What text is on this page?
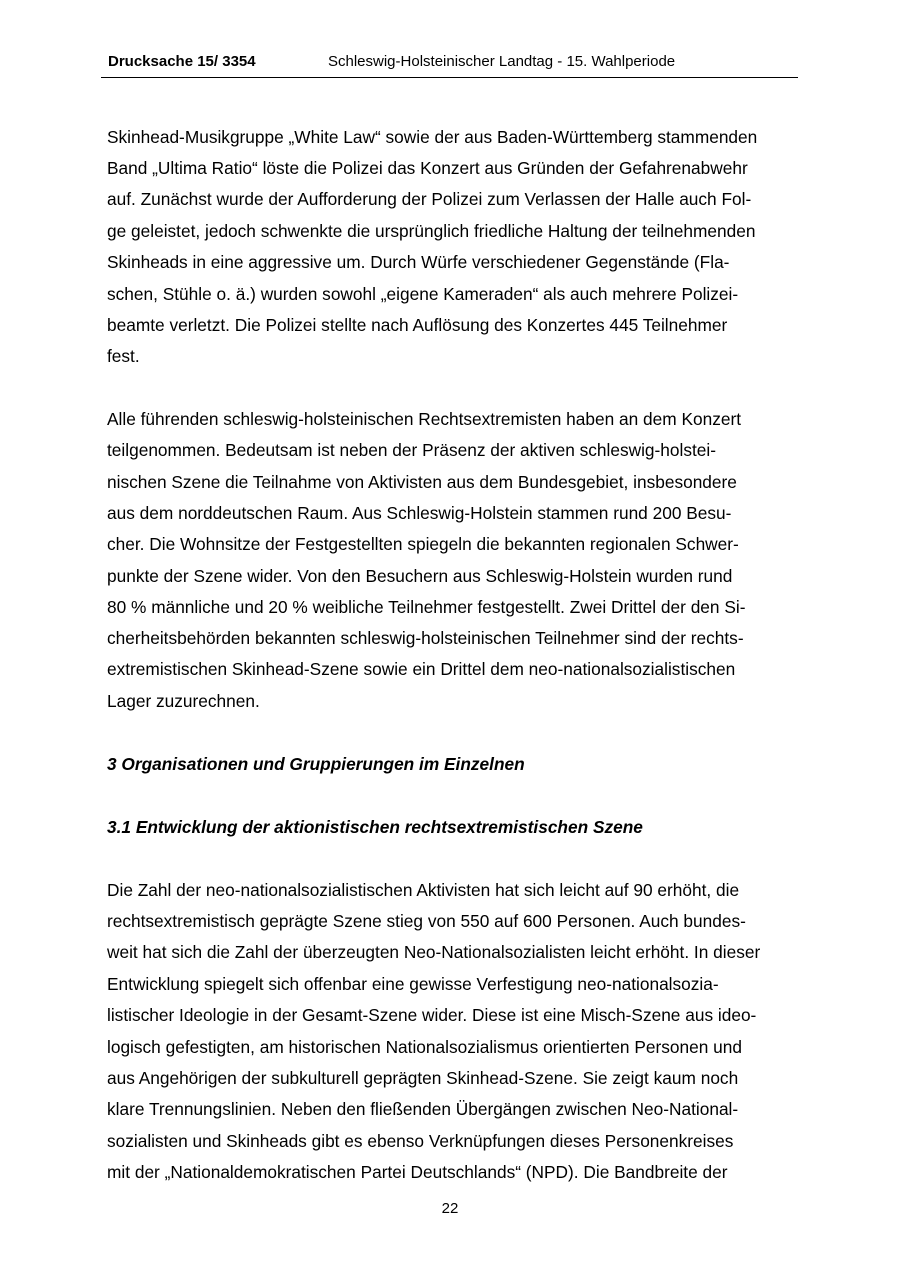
Drucksache 15/ 3354	Schleswig-Holsteinischer Landtag - 15. Wahlperiode
Skinhead-Musikgruppe „White Law“ sowie der aus Baden-Württemberg stammenden
Band „Ultima Ratio“ löste die Polizei das Konzert aus Gründen der Gefahrenabwehr
auf. Zunächst wurde der Aufforderung der Polizei zum Verlassen der Halle auch Fol-
ge geleistet, jedoch schwenkte die ursprünglich friedliche Haltung der teilnehmenden
Skinheads in eine aggressive um. Durch Würfe verschiedener Gegenstände (Fla-
schen, Stühle o. ä.) wurden sowohl „eigene Kameraden“ als auch mehrere Polizei-
beamte verletzt. Die Polizei stellte nach Auflösung des Konzertes 445 Teilnehmer
fest.
Alle führenden schleswig-holsteinischen Rechtsextremisten haben an dem Konzert
teilgenommen. Bedeutsam ist neben der Präsenz der aktiven schleswig-holstei-
nischen Szene die Teilnahme von Aktivisten aus dem Bundesgebiet, insbesondere
aus dem norddeutschen Raum. Aus Schleswig-Holstein stammen rund 200 Besu-
cher. Die Wohnsitze der Festgestellten spiegeln die bekannten regionalen Schwer-
punkte der Szene wider. Von den Besuchern aus Schleswig-Holstein wurden rund
80 % männliche und 20 % weibliche Teilnehmer festgestellt. Zwei Drittel der den Si-
cherheitsbehörden bekannten schleswig-holsteinischen Teilnehmer sind der rechts-
extremistischen Skinhead-Szene sowie ein Drittel dem neo-nationalsozialistischen
Lager zuzurechnen.
3 Organisationen und Gruppierungen im Einzelnen
3.1 Entwicklung der aktionistischen rechtsextremistischen Szene
Die Zahl der neo-nationalsozialistischen Aktivisten hat sich leicht auf 90 erhöht, die
rechtsextremistisch geprägte Szene stieg von 550 auf 600 Personen. Auch bundes-
weit hat sich die Zahl der überzeugten Neo-Nationalsozialisten leicht erhöht. In dieser
Entwicklung spiegelt sich offenbar eine gewisse Verfestigung neo-nationalsozia-
listischer Ideologie in der Gesamt-Szene wider. Diese ist eine Misch-Szene aus ideo-
logisch gefestigten, am historischen Nationalsozialismus orientierten Personen und
aus Angehörigen der subkulturell geprägten Skinhead-Szene. Sie zeigt kaum noch
klare Trennungslinien. Neben den fließenden Übergängen zwischen Neo-National-
sozialisten und Skinheads gibt es ebenso Verknüpfungen dieses Personenkreises
mit der „Nationaldemokratischen Partei Deutschlands“ (NPD). Die Bandbreite der
22
